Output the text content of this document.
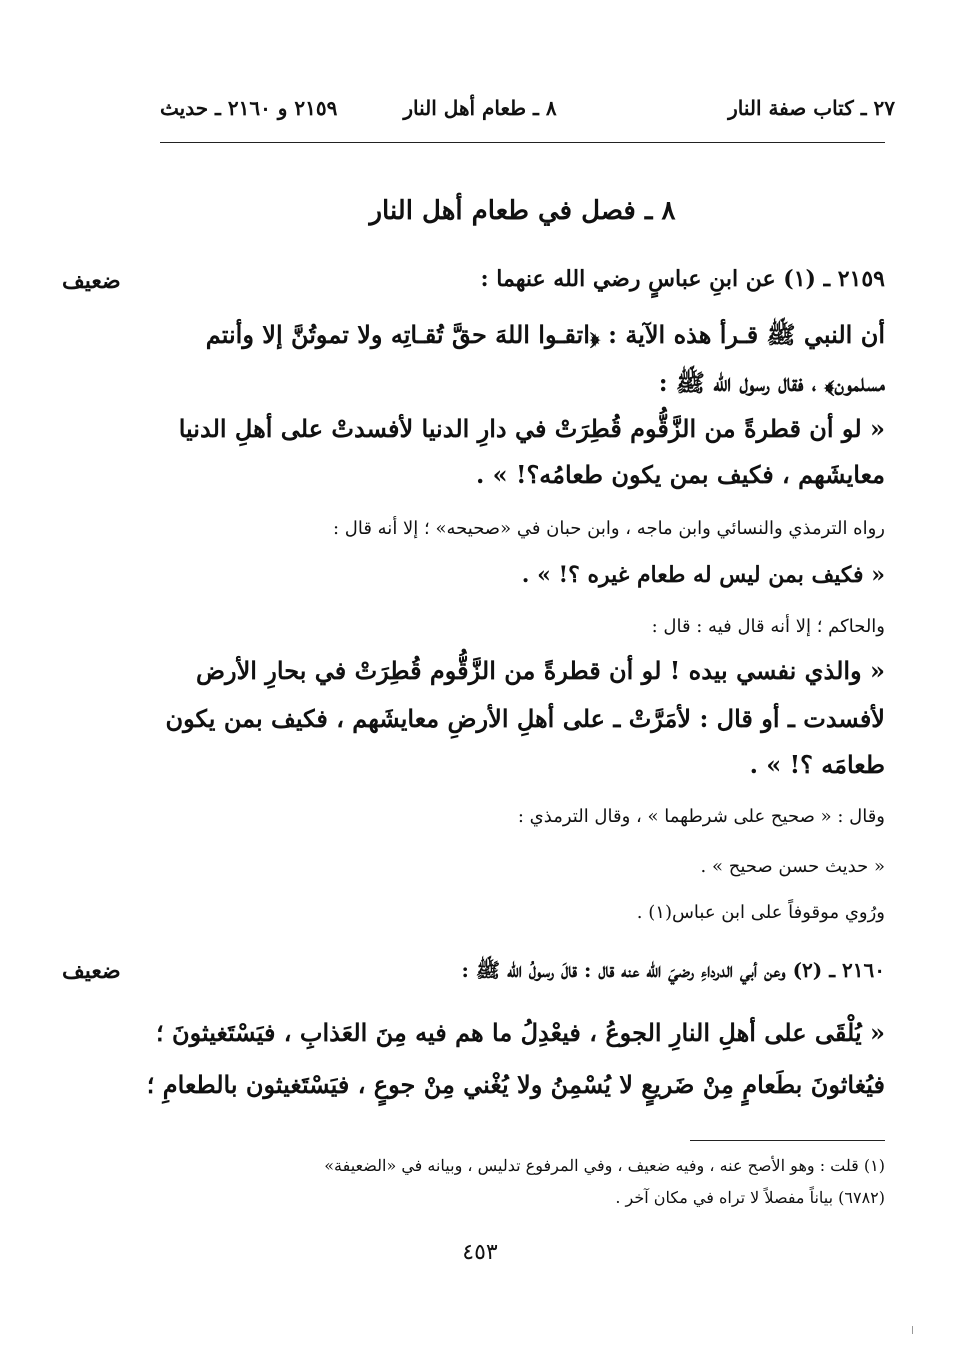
٢٧ ـ كتاب صفة النار
٨ ـ طعام أهل النار
٢١٥٩ و ٢١٦٠ ـ حديث
٨ ـ فصل في طعام أهل النار
ضعيف	٢١٥٩ ـ (١) عن ابنِ عباسٍ رضي الله عنهما :
أن النبي ﷺ قـرأ هذه الآية : ﴿اتقـوا اللهَ حقَّ تُقـاتِه ولا تموتُنَّ إلا وأنتم
مسلمون﴾ ، فقال رسول الله ﷺ :
« لو أن قطرةً من الزَّقُّوم قُطِرَتْ في دارِ الدنيا لأفسدتْ على أهلِ الدنيا
معايشَهم ، فكيف بمن يكون طعامُه؟! » .
رواه الترمذي والنسائي وابن ماجه ، وابن حبان في «صحيحه» ؛ إلا أنه قال :
« فكيف بمن ليس له طعام غيره ؟! » .
والحاكم ؛ إلا أنه قال فيه : قال :
« والذي نفسي بيده ! لو أن قطرةً من الزَّقُّوم قُطِرَتْ في بحارِ الأرض
لأفسدت ـ أو قال : لأمَرَّتْ ـ على أهلِ الأرضِ معايشَهم ، فكيف بمن يكون
طعامَه ؟! » .
وقال : « صحيح على شرطهما » ، وقال الترمذي :
« حديث حسن صحيح » .
ورُوي موقوفاً على ابن عباس(١) .
ضعيف	٢١٦٠ ـ (٢) وعن أبي الدرداءِ رضيَ الله عنه قال : قالَ رسولُ الله ﷺ :
« يُلْقَى على أهلِ النارِ الجوعُ ، فيعْدِلُ ما هم فيه مِنَ العَذابِ ، فيَسْتَغيثونَ ؛
فيُغاثونَ بطَعامٍ مِنْ ضَريعٍ لا يُسْمِنُ ولا يُغْني مِنْ جوعٍ ، فيَسْتَغيثون بالطعامِ ؛
(١) قلت : وهو الأصح عنه ، وفيه ضعيف ، وفي المرفوع تدليس ، وبيانه في «الضعيفة»
(٦٧٨٢) بياناً مفصلاً لا تراه في مكان آخر .
٤٥٣
